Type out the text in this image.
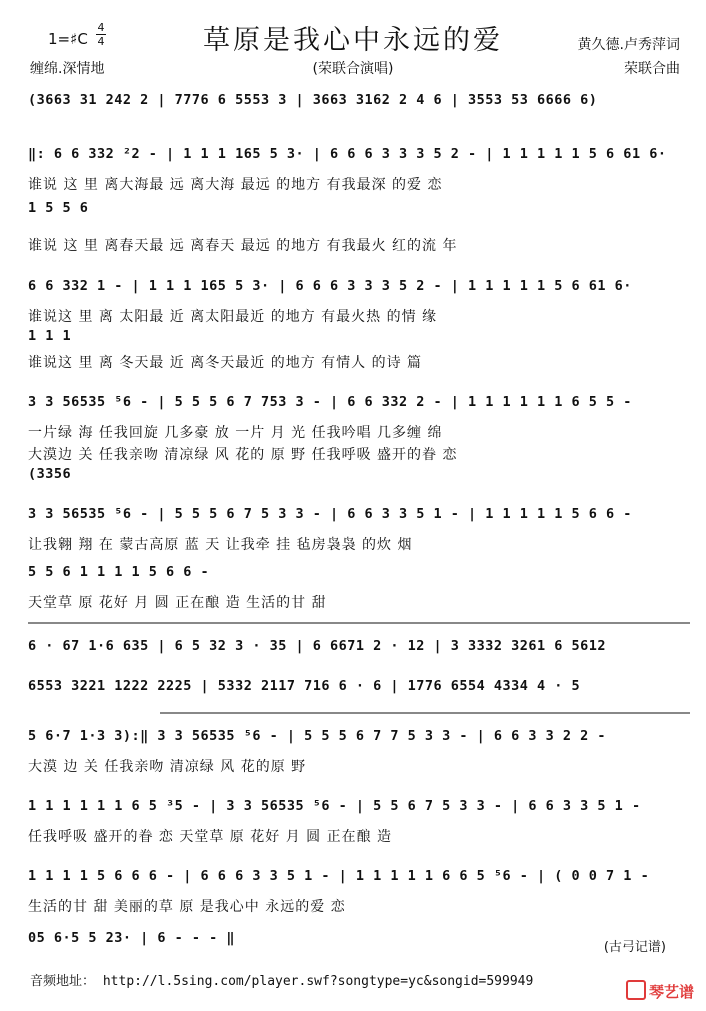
草原是我心中永远的爱
1=♯C
4
4	黄久德.卢秀萍词
缠绵.深情地	(荣联合演唱)	荣联合曲
(3663 31 242 2 | 7776 6 5553 3 | 3663 3162 2 4 6 | 3553 53 6666 6)
‖: 6 6 332 ²2 - | 1 1 1 165 5 3· | 6 6 6 3 3 3 5 2 - | 1 1 1 1 1 5 6 61 6·
谁说 这 里 离大海最 远 离大海 最远 的地方 有我最深 的爱 恋
1 5 5 6
谁说 这 里 离春天最 远 离春天 最远 的地方 有我最火 红的流 年
6 6 332 1 - | 1 1 1 165 5 3· | 6 6 6 3 3 3 5 2 - | 1 1 1 1 1 5 6 61 6·
谁说这 里 离 太阳最 近 离太阳最近 的地方 有最火热 的情 缘
1 1 1
谁说这 里 离 冬天最 近 离冬天最近 的地方 有情人 的诗 篇
3 3 56535 ⁵6 - | 5 5 5 6 7 753 3 - | 6 6 332 2 - | 1 1 1 1 1 1 6 5 5 -
一片绿 海 任我回旋 几多豪 放 一片 月 光 任我吟唱 几多缠 绵
大漠边 关 任我亲吻 清凉绿 风 花的 原 野 任我呼吸 盛开的眷 恋
(3356
3 3 56535 ⁵6 - | 5 5 5 6 7 5 3 3 - | 6 6 3 3 5 1 - | 1 1 1 1 1 5 6 6 -
让我翱 翔 在 蒙古高原 蓝 天 让我牵 挂 毡房袅袅 的炊 烟
5 5 6 1 1 1 1 5 6 6 -
天堂草 原 花好 月 圆 正在酿 造 生活的甘 甜
6 · 67 1·6 635 | 6 5 32 3 · 35 | 6 6671 2 · 12 | 3 3332 3261 6 5612
6553 3221 1222 2225 | 5332 2117 716 6 · 6 | 1776 6554 4334 4 · 5
5 6·7 1·3 3):‖ 3 3 56535 ⁵6 - | 5 5 5 6 7 7 5 3 3 - | 6 6 3 3 2 2 -
大漠 边 关 任我亲吻 清凉绿 风 花的原 野
1 1 1 1 1 1 6 5 ³5 - | 3 3 56535 ⁵6 - | 5 5 6 7 5 3 3 - | 6 6 3 3 5 1 -
任我呼吸 盛开的眷 恋 天堂草 原 花好 月 圆 正在酿 造
1 1 1 1 5 6 6 6 - | 6 6 6 3 3 5 1 - | 1 1 1 1 1 6 6 5 ⁵6 - | ( 0 0 7 1 -
生活的甘 甜 美丽的草 原 是我心中 永远的爱 恋
05 6·5 5 23· | 6 - - - ‖
(古弓记谱)
音频地址： http://l.5sing.com/player.swf?songtype=yc&songid=599949
琴艺谱
